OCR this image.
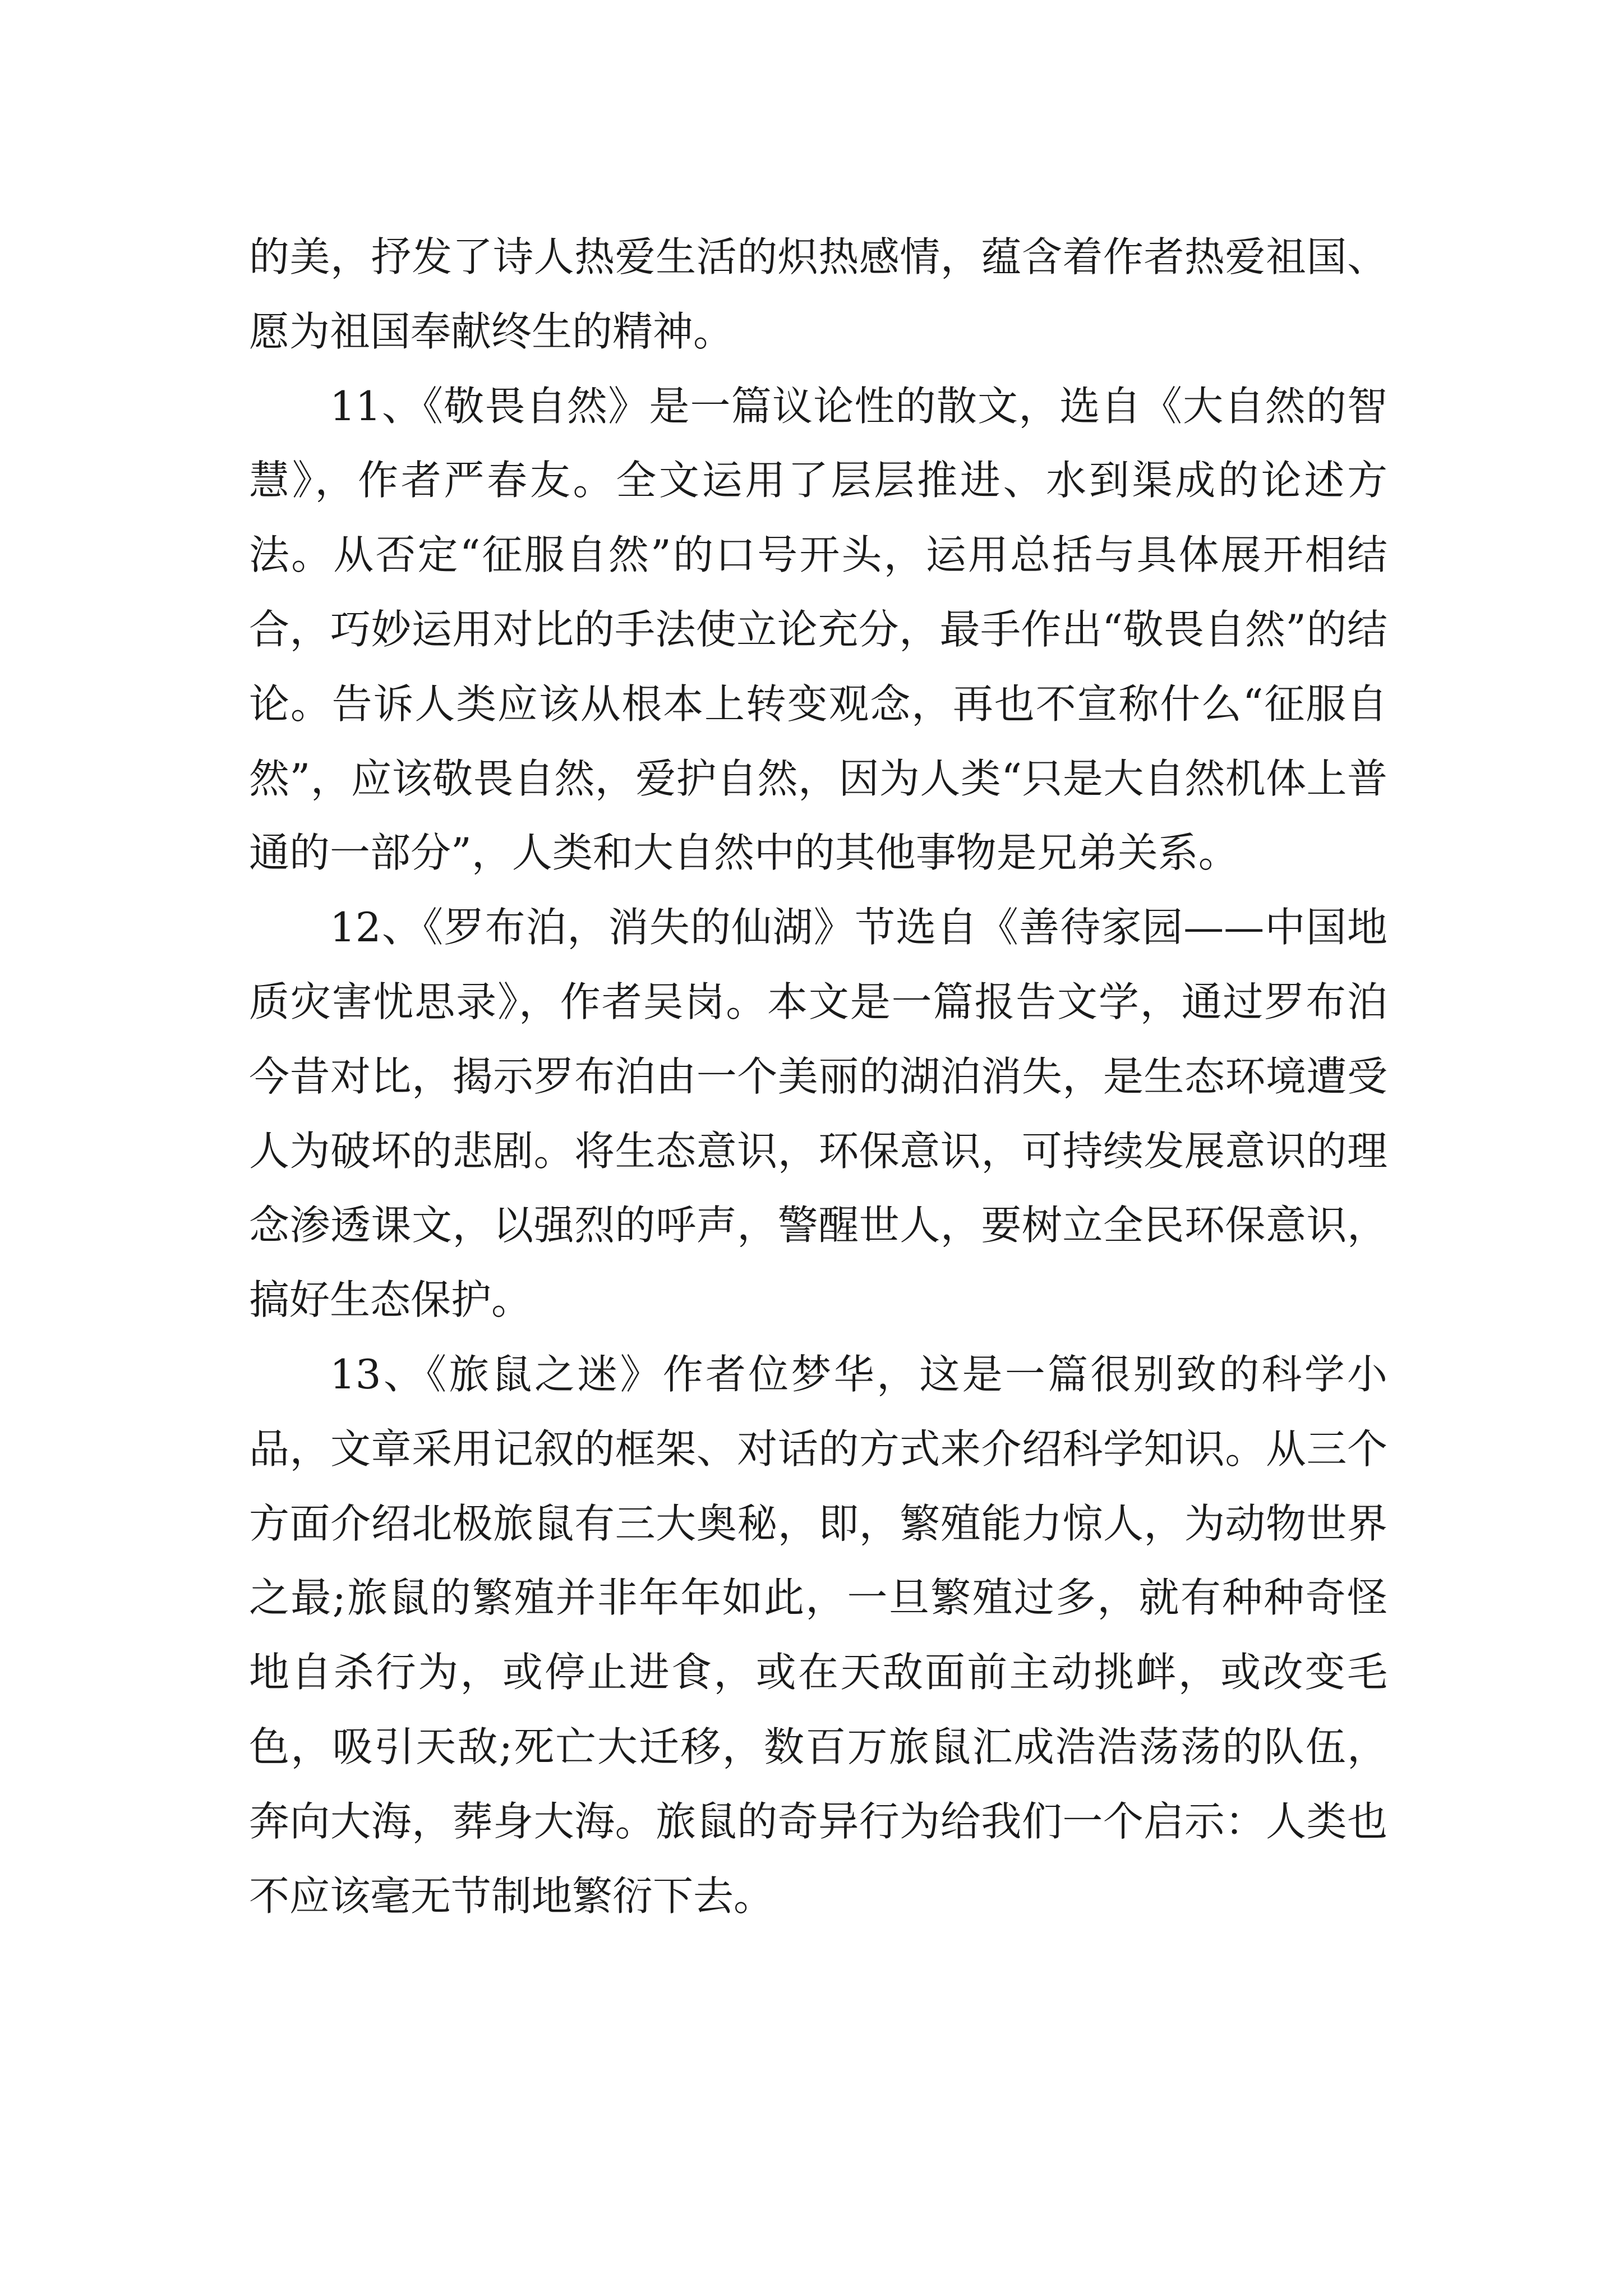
的美，抒发了诗人热爱生活的炽热感情，蕴含着作者热爱祖国、愿为祖国奉献终生的精神。

11、《敬畏自然》是一篇议论性的散文，选自《大自然的智慧》，作者严春友。全文运用了层层推进、水到渠成的论述方法。从否定“征服自然”的口号开头，运用总括与具体展开相结合，巧妙运用对比的手法使立论充分，最手作出“敬畏自然”的结论。告诉人类应该从根本上转变观念，再也不宣称什么“征服自然”，应该敬畏自然，爱护自然，因为人类“只是大自然机体上普通的一部分”，人类和大自然中的其他事物是兄弟关系。

12、《罗布泊，消失的仙湖》节选自《善待家园——中国地质灾害忧思录》，作者吴岗。本文是一篇报告文学，通过罗布泊今昔对比，揭示罗布泊由一个美丽的湖泊消失，是生态环境遭受人为破坏的悲剧。将生态意识，环保意识，可持续发展意识的理念渗透课文，以强烈的呼声，警醒世人，要树立全民环保意识，搞好生态保护。

13、《旅鼠之迷》作者位梦华，这是一篇很别致的科学小品，文章采用记叙的框架、对话的方式来介绍科学知识。从三个方面介绍北极旅鼠有三大奥秘，即，繁殖能力惊人，为动物世界之最;旅鼠的繁殖并非年年如此，一旦繁殖过多，就有种种奇怪地自杀行为，或停止进食，或在天敌面前主动挑衅，或改变毛色，吸引天敌;死亡大迁移，数百万旅鼠汇成浩浩荡荡的队伍，奔向大海，葬身大海。旅鼠的奇异行为给我们一个启示：人类也不应该毫无节制地繁衍下去。
